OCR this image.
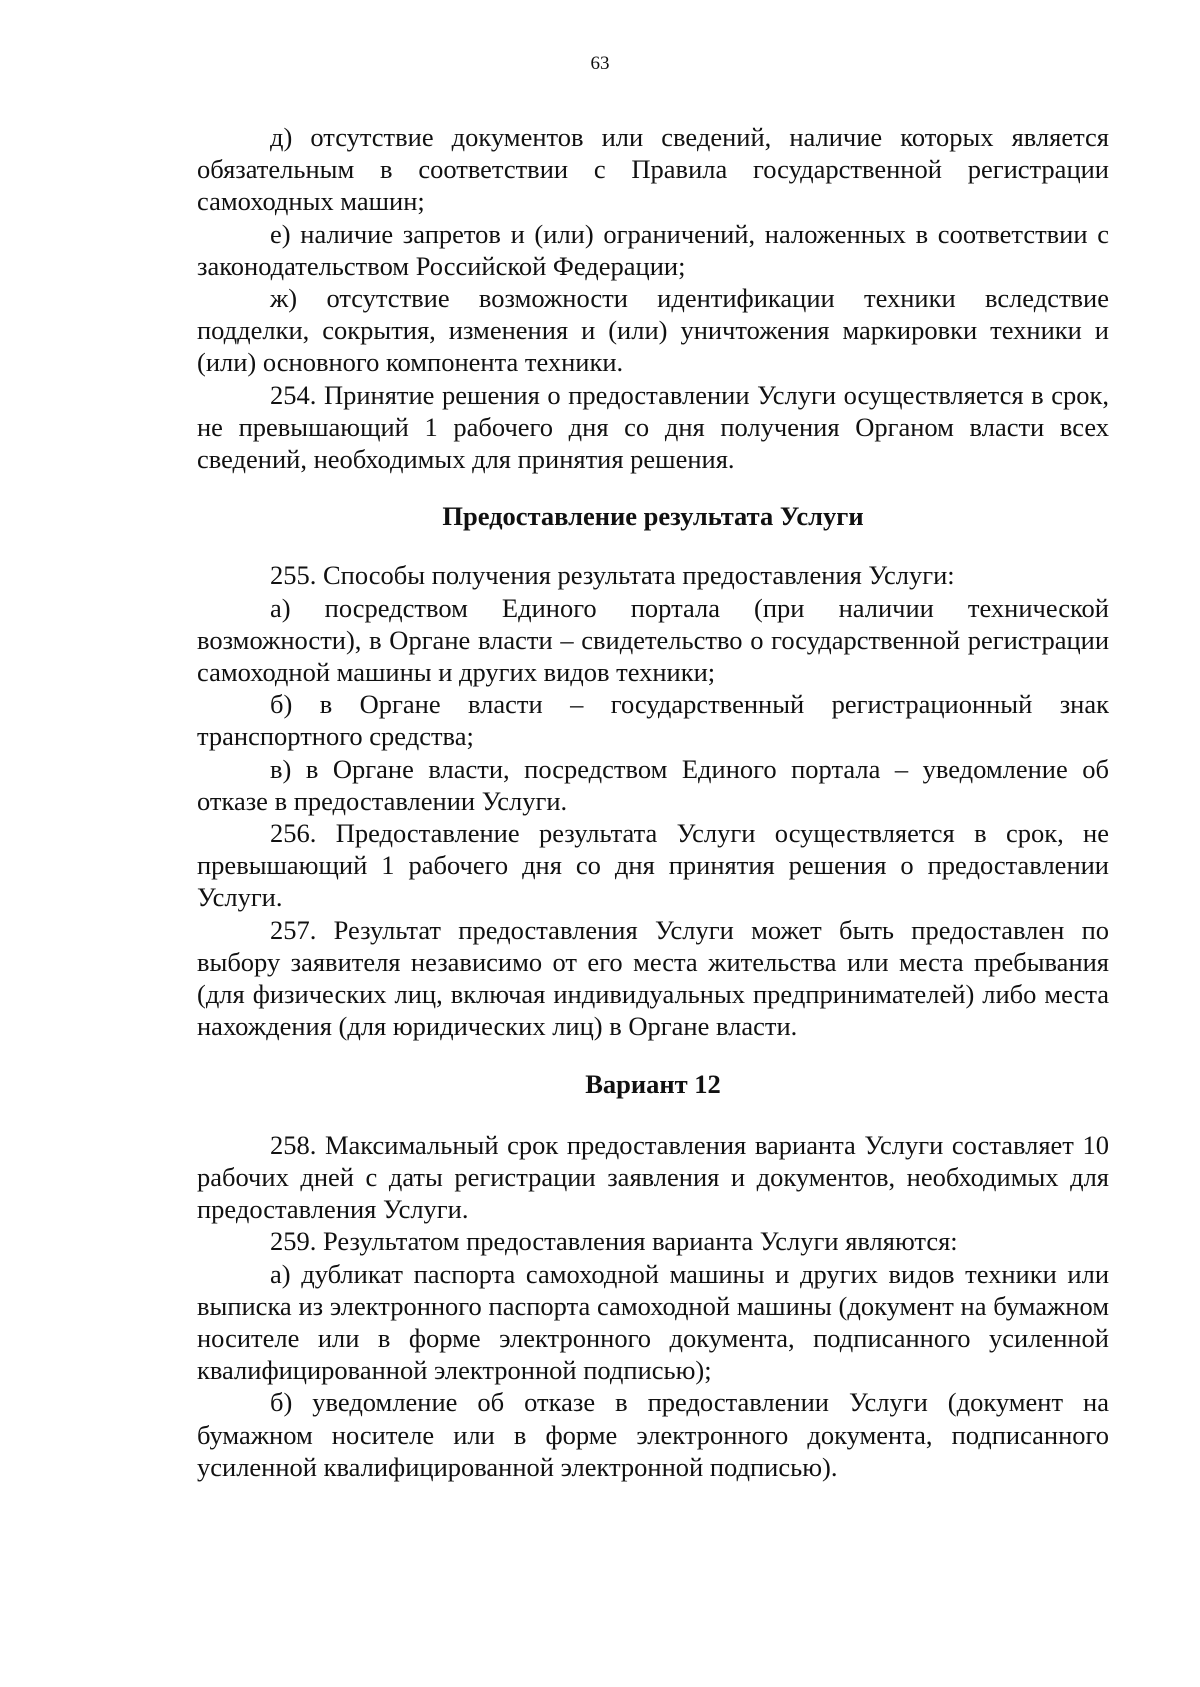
63

д) отсутствие документов или сведений, наличие которых является обязательным в соответствии с Правила государственной регистрации самоходных машин;

е) наличие запретов и (или) ограничений, наложенных в соответствии с законодательством Российской Федерации;

ж) отсутствие возможности идентификации техники вследствие подделки, сокрытия, изменения и (или) уничтожения маркировки техники и (или) основного компонента техники.

254. Принятие решения о предоставлении Услуги осуществляется в срок, не превышающий 1 рабочего дня со дня получения Органом власти всех сведений, необходимых для принятия решения.

Предоставление результата Услуги

255. Способы получения результата предоставления Услуги:

а) посредством Единого портала (при наличии технической возможности), в Органе власти – свидетельство о государственной регистрации самоходной машины и других видов техники;

б) в Органе власти – государственный регистрационный знак транспортного средства;

в) в Органе власти, посредством Единого портала – уведомление об отказе в предоставлении Услуги.

256. Предоставление результата Услуги осуществляется в срок, не превышающий 1 рабочего дня со дня принятия решения о предоставлении Услуги.

257. Результат предоставления Услуги может быть предоставлен по выбору заявителя независимо от его места жительства или места пребывания (для физических лиц, включая индивидуальных предпринимателей) либо места нахождения (для юридических лиц) в Органе власти.

Вариант 12

258. Максимальный срок предоставления варианта Услуги составляет 10 рабочих дней с даты регистрации заявления и документов, необходимых для предоставления Услуги.

259. Результатом предоставления варианта Услуги являются:

а) дубликат паспорта самоходной машины и других видов техники или выписка из электронного паспорта самоходной машины (документ на бумажном носителе или в форме электронного документа, подписанного усиленной квалифицированной электронной подписью);

б) уведомление об отказе в предоставлении Услуги (документ на бумажном носителе или в форме электронного документа, подписанного усиленной квалифицированной электронной подписью).
